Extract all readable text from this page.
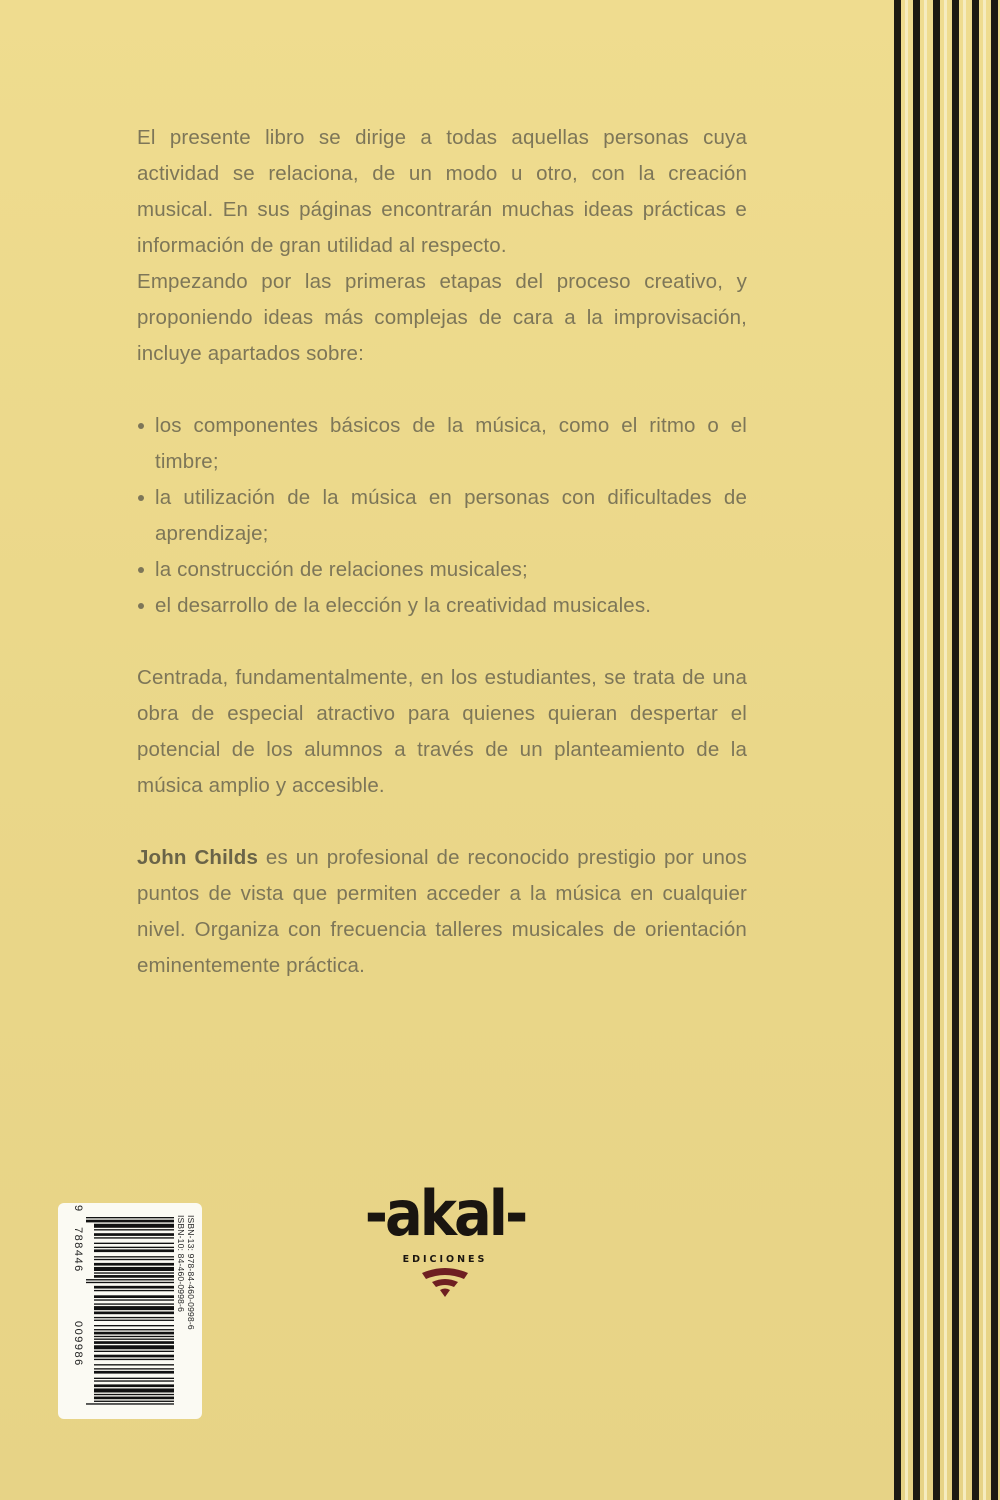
El presente libro se dirige a todas aquellas personas cuya actividad se relaciona, de un modo u otro, con la creación musical. En sus páginas encontrarán muchas ideas prácticas e información de gran utilidad al respecto.

Empezando por las primeras etapas del proceso creativo, y proponiendo ideas más complejas de cara a la improvisación, incluye apartados sobre:

los componentes básicos de la música, como el ritmo o el timbre;
la utilización de la música en personas con dificultades de aprendizaje;
la construcción de relaciones musicales;
el desarrollo de la elección y la creatividad musicales.

Centrada, fundamentalmente, en los estudiantes, se trata de una obra de especial atractivo para quienes quieran despertar el potencial de los alumnos a través de un planteamiento de la música amplio y accesible.

John Childs es un profesional de reconocido prestigio por unos puntos de vista que permiten acceder a la música en cualquier nivel. Organiza con frecuencia talleres musicales de orientación eminentemente práctica.

-akal-
EDICIONES
ISBN-13: 978-84-460-0998-6
ISBN-10: 84-460-0998-6
9
788446
009986
